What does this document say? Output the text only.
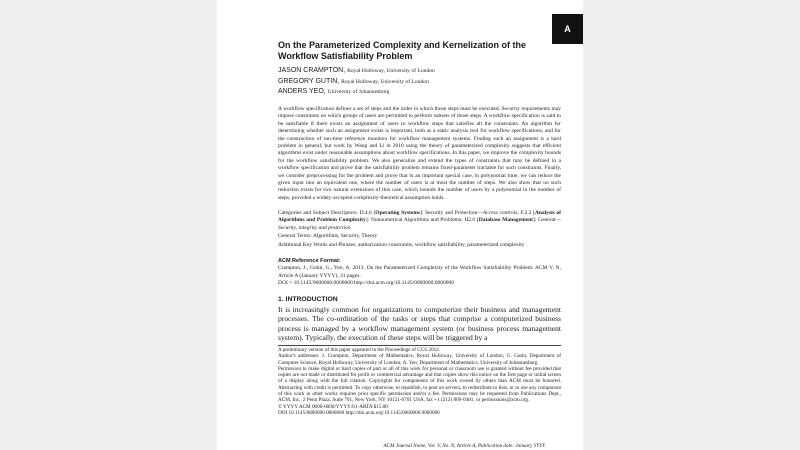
A
On the Parameterized Complexity and Kernelization of the Workflow Satisfiability Problem
JASON CRAMPTON, Royal Holloway, University of London
GREGORY GUTIN, Royal Holloway, University of London
ANDERS YEO, University of Johannesburg
A workflow specification defines a set of steps and the order in which those steps must be executed. Security requirements may impose constraints on which groups of users are permitted to perform subsets of those steps. A workflow specification is said to be satisfiable if there exists an assignment of users to workflow steps that satisfies all the constraints. An algorithm for determining whether such an assignment exists is important, both as a static analysis tool for workflow specifications, and for the construction of run-time reference monitors for workflow management systems. Finding such an assignment is a hard problem in general, but work by Wang and Li in 2010 using the theory of parameterized complexity suggests that efficient algorithms exist under reasonable assumptions about workflow specifications. In this paper, we improve the complexity bounds for the workflow satisfiability problem. We also generalize and extend the types of constraints that may be defined in a workflow specification and prove that the satisfiability problem remains fixed-parameter tractable for such constraints. Finally, we consider preprocessing for the problem and prove that in an important special case, in polynomial time, we can reduce the given input into an equivalent one, where the number of users is at most the number of steps. We also show that no such reduction exists for two natural extensions of this case, which bounds the number of users by a polynomial in the number of steps, provided a widely-accepted complexity-theoretical assumption holds.
Categories and Subject Descriptors: D.4.6 [Operating Systems]: Security and Protection—Access controls; F.2.2 [Analysis of Algorithms and Problem Complexity]: Nonnumerical Algorithms and Problems; H2.0 [Database Management]: General—Security, integrity and protection
General Terms: Algorithms, Security, Theory
Additional Key Words and Phrases: authorization constraints, workflow satisfiability, parameterized complexity
ACM Reference Format:
Crampton, J., Gutin, G., Yeo, A. 2013. On the Parameterized Complexity of the Workflow Satisfiability Problem. ACM V, N, Article A (January YYYY), 31 pages.
DOI = 10.1145/0000000.0000000 http://doi.acm.org/10.1145/0000000.0000000
1. INTRODUCTION
It is increasingly common for organizations to computerize their business and management processes. The co-ordination of the tasks or steps that comprise a computerized business process is managed by a workflow management system (or business process management system). Typically, the execution of these steps will be triggered by a
A preliminary version of this paper appeared in the Proceedings of CCS 2012.
Author's addresses: J. Crampton, Department of Mathematics, Royal Holloway, University of London; G. Gutin, Department of Computer Science, Royal Holloway, University of London; A. Yeo, Department of Mathematics, University of Johannesburg
Permission to make digital or hard copies of part or all of this work for personal or classroom use is granted without fee provided that copies are not made or distributed for profit or commercial advantage and that copies show this notice on the first page or initial screen of a display along with the full citation. Copyrights for components of this work owned by others than ACM must be honored. Abstracting with credit is permitted. To copy otherwise, to republish, to post on servers, to redistribute to lists, or to use any component of this work in other works requires prior specific permission and/or a fee. Permissions may be requested from Publications Dept., ACM, Inc., 2 Penn Plaza, Suite 701, New York, NY 10121-0701 USA, fax +1 (212) 869-0481, or permissions@acm.org.
© YYYY ACM 0000-0000/YYYY/01-ARTA $15.00
DOI 10.1145/0000000.0000000 http://doi.acm.org/10.1145/0000000.0000000
ACM Journal Name, Vol. V, No. N, Article A, Publication date: January YYYY.
